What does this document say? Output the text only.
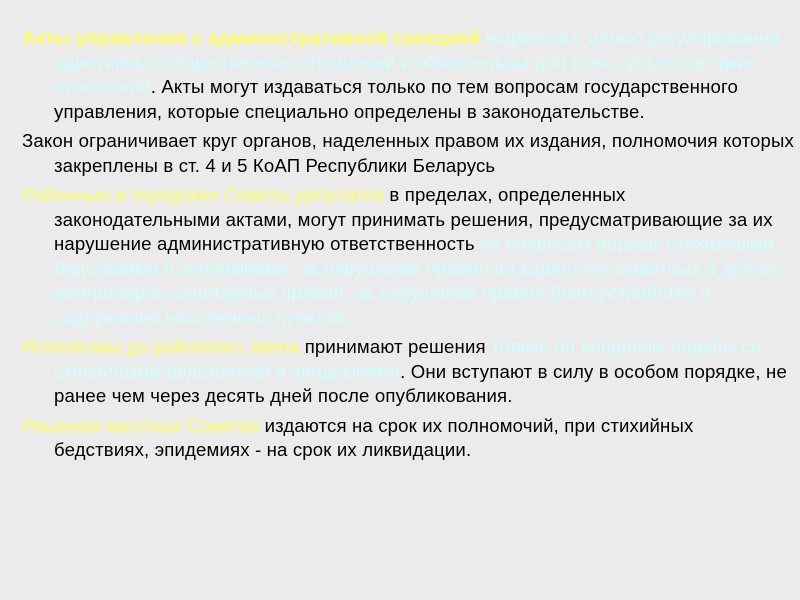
Акты управления с административной санкцией издаются с целью регулирования однотипных общественных отношений и обязательны для всех субъектов таких отношений. Акты могут издаваться только по тем вопросам государственного управления, которые специально определены в законодательстве.

Закон ограничивает круг органов, наделенных правом их издания, полномочия которых закреплены в ст. 4 и 5 КоАП Республики Беларусь

Районные и городские Советы депутатов в пределах, определенных законодательными актами, могут принимать решения, предусматривающие за их нарушение административную ответственность по вопросам борьбы стихийными бедствиями и эпидемиями, за нарушение правил по карантину животных и других ветеринарно-санитарных правил, за нарушение правил благоустройства я содержания населенных пунктов.

Исполкомы до районного звена принимают решения только по вопросам борьбы со стихийными бедствиями и эпидемиями. Они вступают в силу в особом порядке, не ранее чем через десять дней после опубликования.

Решения местных Советов издаются на срок их полномочий, при стихийных бедствиях, эпидемиях - на срок их ликвидации.
